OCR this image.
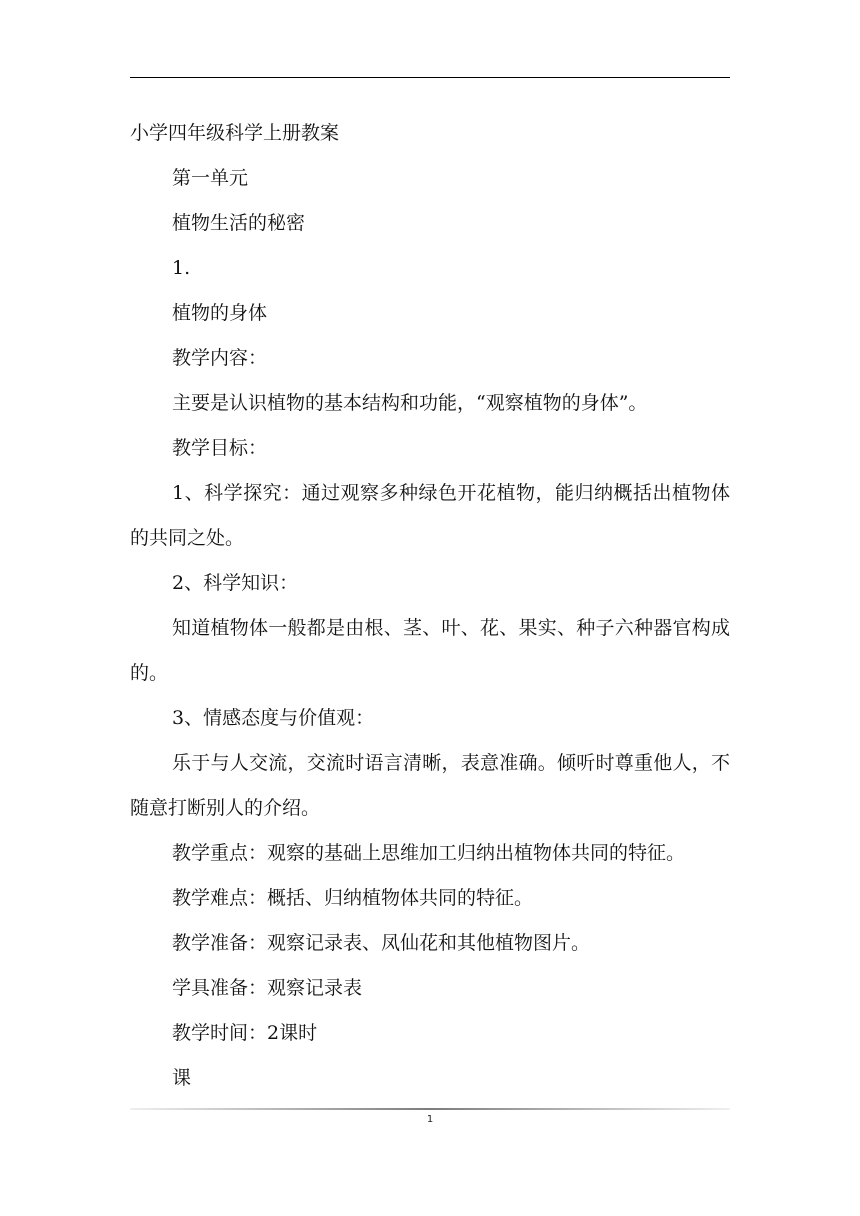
小学四年级科学上册教案

第一单元

植物生活的秘密

1.

植物的身体

教学内容：

主要是认识植物的基本结构和功能，“观察植物的身体”。

教学目标：

1、科学探究：通过观察多种绿色开花植物，能归纳概括出植物体的共同之处。

2、科学知识：

知道植物体一般都是由根、茎、叶、花、果实、种子六种器官构成的。

3、情感态度与价值观：

乐于与人交流，交流时语言清晰，表意准确。倾听时尊重他人，不随意打断别人的介绍。

教学重点：观察的基础上思维加工归纳出植物体共同的特征。

教学难点：概括、归纳植物体共同的特征。

教学准备：观察记录表、凤仙花和其他植物图片。

学具准备：观察记录表

教学时间：2课时

课

1
